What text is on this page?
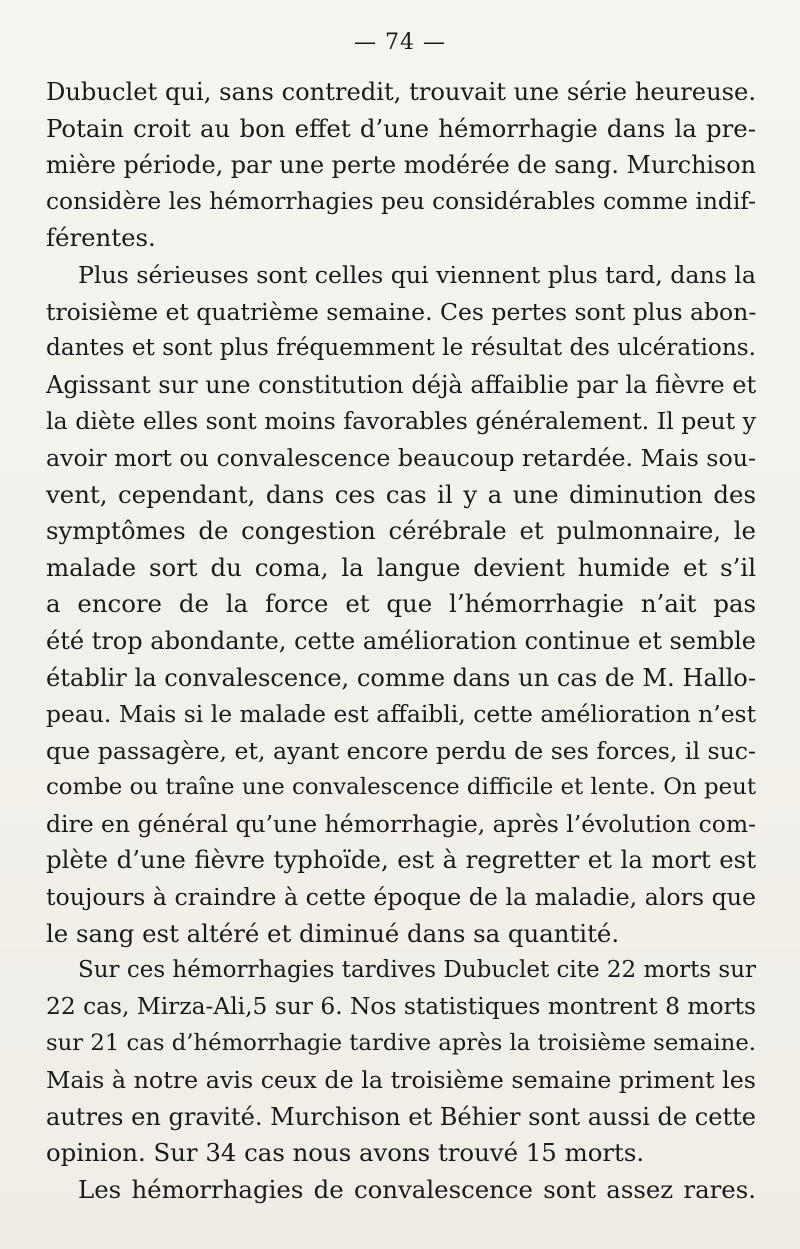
— 74 —
Dubuclet qui, sans contredit, trouvait une série heureuse.
Potain croit au bon effet d’une hémorrhagie dans la pre-
mière période, par une perte modérée de sang. Murchison
considère les hémorrhagies peu considérables comme indif-
férentes.
Plus sérieuses sont celles qui viennent plus tard, dans la
troisième et quatrième semaine. Ces pertes sont plus abon-
dantes et sont plus fréquemment le résultat des ulcérations.
Agissant sur une constitution déjà affaiblie par la fièvre et
la diète elles sont moins favorables généralement. Il peut y
avoir mort ou convalescence beaucoup retardée. Mais sou-
vent, cependant, dans ces cas il y a une diminution des
symptômes de congestion cérébrale et pulmonnaire, le
malade sort du coma, la langue devient humide et s’il
a encore de la force et que l’hémorrhagie n’ait pas
été trop abondante, cette amélioration continue et semble
établir la convalescence, comme dans un cas de M. Hallo-
peau. Mais si le malade est affaibli, cette amélioration n’est
que passagère, et, ayant encore perdu de ses forces, il suc-
combe ou traîne une convalescence difficile et lente. On peut
dire en général qu’une hémorrhagie, après l’évolution com-
plète d’une fièvre typhoïde, est à regretter et la mort est
toujours à craindre à cette époque de la maladie, alors que
le sang est altéré et diminué dans sa quantité.
Sur ces hémorrhagies tardives Dubuclet cite 22 morts sur
22 cas, Mirza-Ali,5 sur 6. Nos statistiques montrent 8 morts
sur 21 cas d’hémorrhagie tardive après la troisième semaine.
Mais à notre avis ceux de la troisième semaine priment les
autres en gravité. Murchison et Béhier sont aussi de cette
opinion. Sur 34 cas nous avons trouvé 15 morts.
Les hémorrhagies de convalescence sont assez rares.
